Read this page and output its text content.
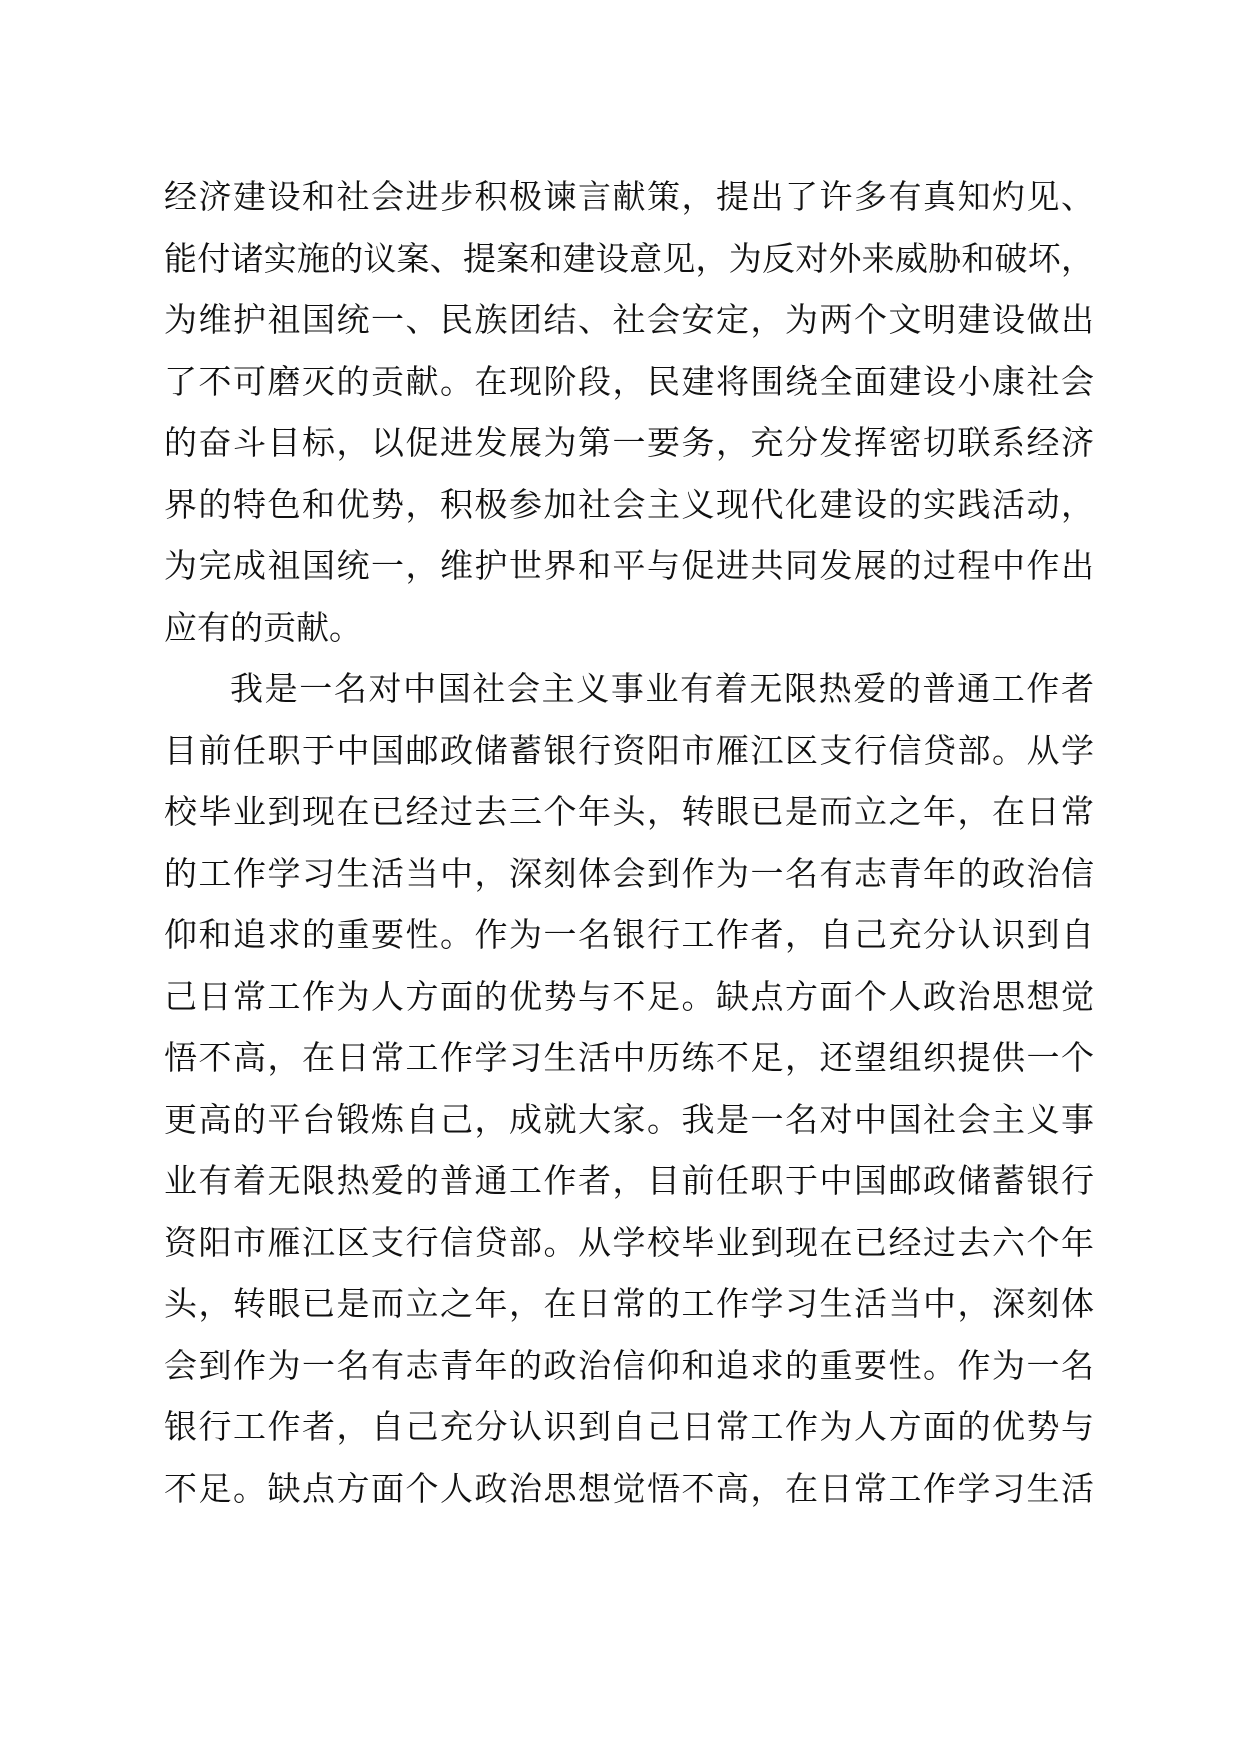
经济建设和社会进步积极谏言献策，提出了许多有真知灼见、
能付诸实施的议案、提案和建设意见，为反对外来威胁和破坏，
为维护祖国统一、民族团结、社会安定，为两个文明建设做出
了不可磨灭的贡献。在现阶段，民建将围绕全面建设小康社会
的奋斗目标，以促进发展为第一要务，充分发挥密切联系经济
界的特色和优势，积极参加社会主义现代化建设的实践活动，
为完成祖国统一，维护世界和平与促进共同发展的过程中作出
应有的贡献。
我是一名对中国社会主义事业有着无限热爱的普通工作者
目前任职于中国邮政储蓄银行资阳市雁江区支行信贷部。从学
校毕业到现在已经过去三个年头，转眼已是而立之年，在日常
的工作学习生活当中，深刻体会到作为一名有志青年的政治信
仰和追求的重要性。作为一名银行工作者，自己充分认识到自
己日常工作为人方面的优势与不足。缺点方面个人政治思想觉
悟不高，在日常工作学习生活中历练不足，还望组织提供一个
更高的平台锻炼自己，成就大家。我是一名对中国社会主义事
业有着无限热爱的普通工作者，目前任职于中国邮政储蓄银行
资阳市雁江区支行信贷部。从学校毕业到现在已经过去六个年
头，转眼已是而立之年，在日常的工作学习生活当中，深刻体
会到作为一名有志青年的政治信仰和追求的重要性。作为一名
银行工作者，自己充分认识到自己日常工作为人方面的优势与
不足。缺点方面个人政治思想觉悟不高，在日常工作学习生活
